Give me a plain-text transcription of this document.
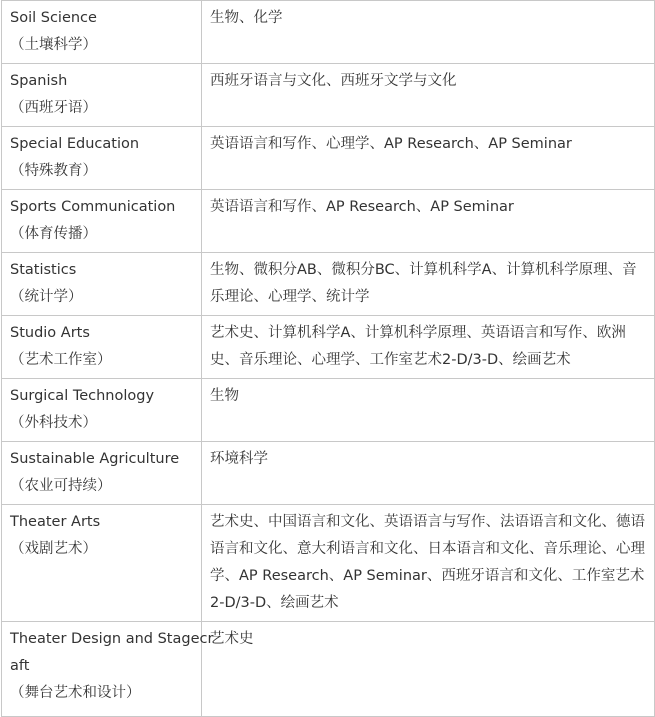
Soil Science
（土壤科学）	生物、化学

Spanish
（西班牙语）	西班牙语言与文化、西班牙文学与文化

Special Education
（特殊教育）	英语语言和写作、心理学、AP Research、AP Seminar

Sports Communication
（体育传播）	英语语言和写作、AP Research、AP Seminar

Statistics
（统计学）	生物、微积分AB、微积分BC、计算机科学A、计算机科学原理、音乐理论、心理学、统计学

Studio Arts
（艺术工作室）	艺术史、计算机科学A、计算机科学原理、英语语言和写作、欧洲史、音乐理论、心理学、工作室艺术2-D/3-D、绘画艺术

Surgical Technology
（外科技术）	生物

Sustainable Agriculture
（农业可持续）	环境科学

Theater Arts
（戏剧艺术）	艺术史、中国语言和文化、英语语言与写作、法语语言和文化、德语语言和文化、意大利语言和文化、日本语言和文化、音乐理论、心理学、AP Research、AP Seminar、西班牙语言和文化、工作室艺术2-D/3-D、绘画艺术

Theater Design and Stagecr
aft
（舞台艺术和设计）	艺术史
